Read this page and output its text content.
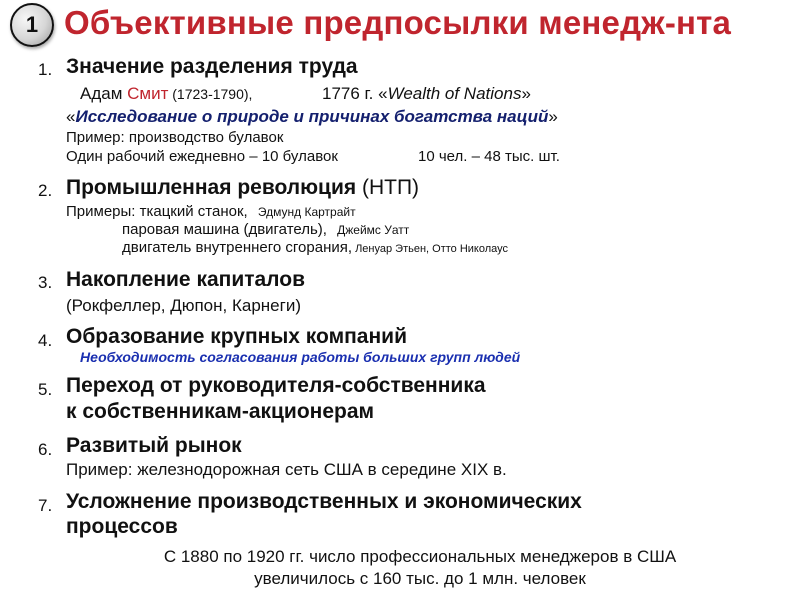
1 Объективные предпосылки менедж-нта
1. Значение разделения труда
Адам Смит (1723-1790),	1776 г. «Wealth of Nations»
«Исследование о природе и причинах богатства наций»
Пример: производство булавок
Один рабочий ежедневно – 10 булавок	10 чел. – 48 тыс. шт.
2. Промышленная революция (НТП)
Примеры: ткацкий станок, Эдмунд Картрайт
паровая машина (двигатель), Джеймс Уатт
двигатель внутреннего сгорания, Ленуар Этьен, Отто Николаус
3. Накопление капиталов
(Рокфеллер, Дюпон, Карнеги)
4. Образование крупных компаний
Необходимость согласования работы больших групп людей
5. Переход от руководителя-собственника
к собственникам-акционерам
6. Развитый рынок
Пример: железнодорожная сеть США в середине XIX в.
7. Усложнение производственных и экономических
процессов
С 1880 по 1920 гг. число профессиональных менеджеров в США
увеличилось с 160 тыс. до 1 млн. человек
